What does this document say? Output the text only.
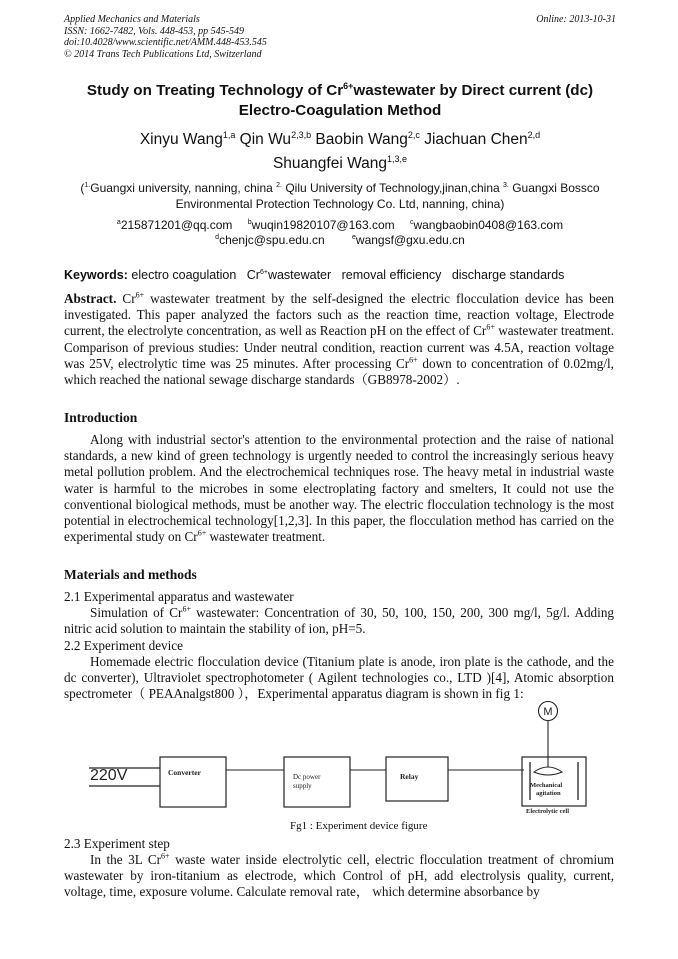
Applied Mechanics and Materials
ISSN: 1662-7482, Vols. 448-453, pp 545-549
doi:10.4028/www.scientific.net/AMM.448-453.545
© 2014 Trans Tech Publications Ltd, Switzerland
Online: 2013-10-31
Study on Treating Technology of $Cr^{6+}wastewater$ by Direct current (dc)
Electro-Coagulation Method
Xinyu Wang$^{1,a}$ Qin Wu$^{2,3,b}$ Baobin Wang$^{2,c}$ Jiachuan Chen$^{2,d}$
Shuangfei Wang$^{1,3,e}$
($^{1.}$Guangxi university, nanning, china $^{2.}$ Qilu University of Technology,jinan,china $^{3.}$ Guangxi Bossco
Environmental Protection Technology Co. Ltd, nanning, china)
$^a$215871201@qq.com $^b$wuqin19820107@163.com $^c$wangbaobin0408@163.com
$^d$chenjc@spu.edu.cn	$^e$wangsf@gxu.edu.cn
Keywords: electro coagulation $Cr^{6+}wastewater$ removal efficiency discharge standards
Abstract. $Cr^{6+}$ wastewater treatment by the self-designed the electric flocculation device has been investigated. This paper analyzed the factors such as the reaction time, reaction voltage, Electrode current, the electrolyte concentration, as well as Reaction pH on the effect of $Cr^{6+}$ wastewater treatment. Comparison of previous studies: Under neutral condition, reaction current was 4.5A, reaction voltage was 25V, electrolytic time was 25 minutes. After processing $Cr^{6+}$ down to concentration of 0.02mg/l, which reached the national sewage discharge standards（GB8978-2002）.
Introduction
Along with industrial sector's attention to the environmental protection and the raise of national standards, a new kind of green technology is urgently needed to control the increasingly serious heavy metal pollution problem. And the electrochemical techniques rose. The heavy metal in industrial waste water is harmful to the microbes in some electroplating factory and smelters, It could not use the conventional biological methods, must be another way. The electric flocculation technology is the most potential in electrochemical technology[1,2,3]. In this paper, the flocculation method has carried on the experimental study on $Cr^{6+}$ wastewater treatment.
Materials and methods
2.1 Experimental apparatus and wastewater
Simulation of $Cr^{6+}$ wastewater: Concentration of 30, 50, 100, 150, 200, 300 mg/l, 5g/l. Adding nitric acid solution to maintain the stability of ion, pH=5.
2.2 Experiment device
Homemade electric flocculation device (Titanium plate is anode, iron plate is the cathode, and the dc converter), Ultraviolet spectrophotometer ( Agilent technologies co., LTD )[4], Atomic absorption spectrometer（ PEAAnalgst800 ），Experimental apparatus diagram is shown in fig 1:
220V	Converter	Dc power
supply
Relay
M
Mechanical
agitation
Electrolytic cell
Fg1 : Experiment device figure
2.3 Experiment step
In the 3L $Cr^{6+}$ waste water inside electrolytic cell, electric flocculation treatment of chromium wastewater by iron-titanium as electrode, which Control of pH, add electrolysis quality, current, voltage, time, exposure volume. Calculate removal rate， which determine absorbance by
